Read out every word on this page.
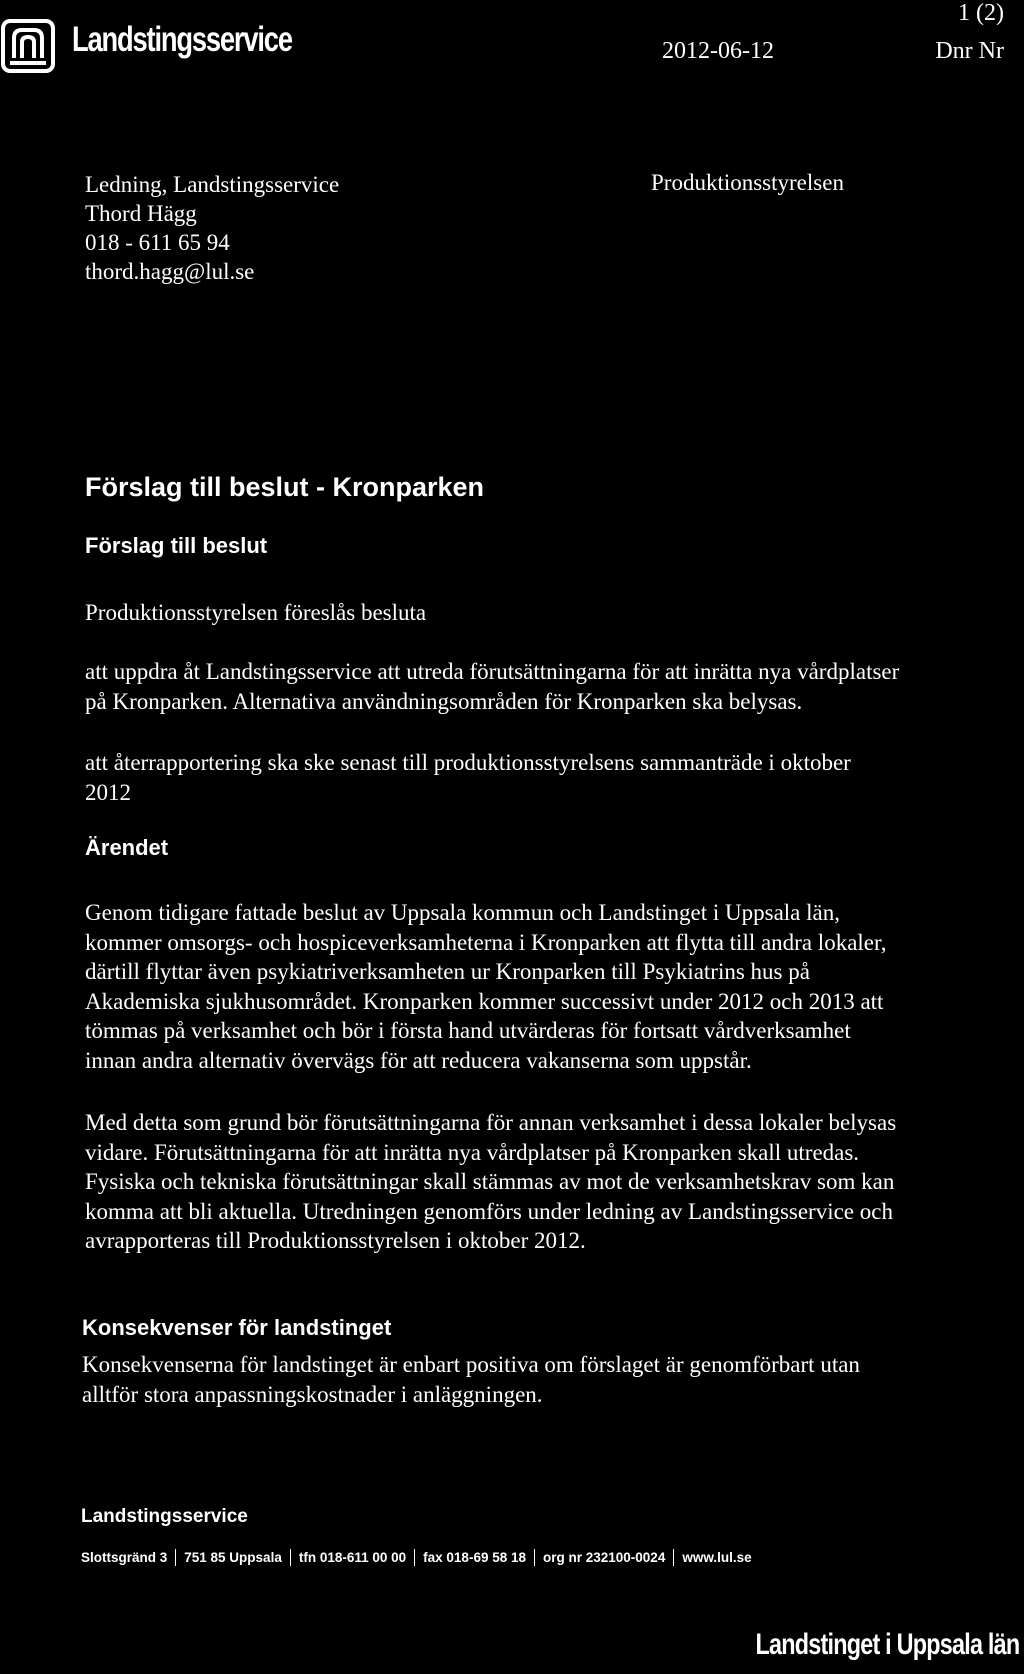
Landstingsservice
1 (2)
2012-06-12	Dnr Nr
Ledning, Landstingsservice
Thord Hägg
018 - 611 65 94
thord.hagg@lul.se
Produktionsstyrelsen
Förslag till beslut - Kronparken
Förslag till beslut
Produktionsstyrelsen föreslås besluta
att uppdra åt Landstingsservice att utreda förutsättningarna för att inrätta nya vårdplatser
på Kronparken. Alternativa användningsområden för Kronparken ska belysas.
att återrapportering ska ske senast till produktionsstyrelsens sammanträde i oktober
2012
Ärendet
Genom tidigare fattade beslut av Uppsala kommun och Landstinget i Uppsala län,
kommer omsorgs- och hospiceverksamheterna i Kronparken att flytta till andra lokaler,
därtill flyttar även psykiatriverksamheten ur Kronparken till Psykiatrins hus på
Akademiska sjukhusområdet. Kronparken kommer successivt under 2012 och 2013 att
tömmas på verksamhet och bör i första hand utvärderas för fortsatt vårdverksamhet
innan andra alternativ övervägs för att reducera vakanserna som uppstår.
Med detta som grund bör förutsättningarna för annan verksamhet i dessa lokaler belysas
vidare. Förutsättningarna för att inrätta nya vårdplatser på Kronparken skall utredas.
Fysiska och tekniska förutsättningar skall stämmas av mot de verksamhetskrav som kan
komma att bli aktuella. Utredningen genomförs under ledning av Landstingsservice och
avrapporteras till Produktionsstyrelsen i oktober 2012.
Konsekvenser för landstinget
Konsekvenserna för landstinget är enbart positiva om förslaget är genomförbart utan
alltför stora anpassningskostnader i anläggningen.
Landstingsservice
Slottsgränd 3 751 85 Uppsala tfn 018-611 00 00 fax 018-69 58 18 org nr 232100-0024 www.lul.se
Landstinget i Uppsala län
